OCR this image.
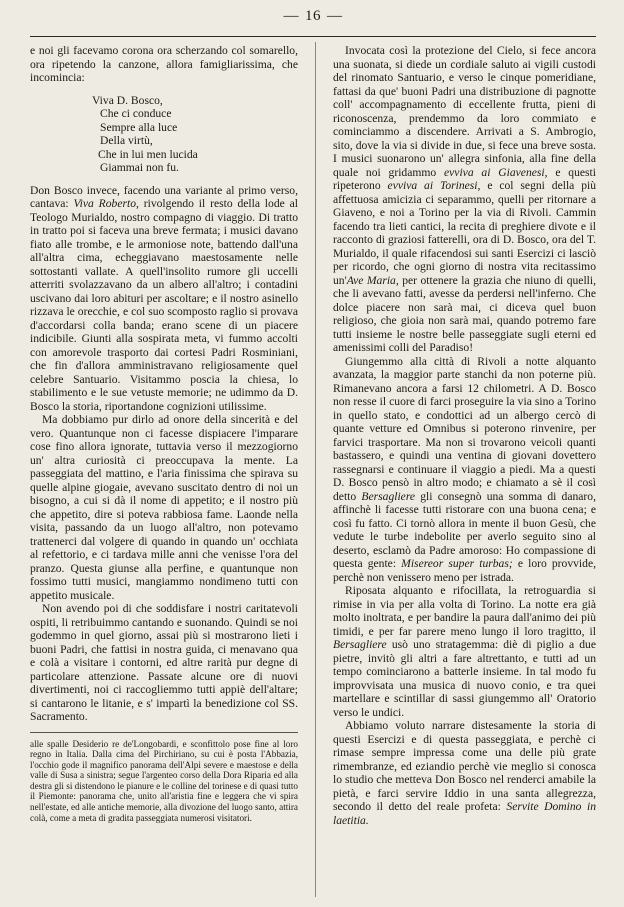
— 16 —

e noi gli facevamo corona ora scherzando col somarello, ora ripetendo la canzone, allora famigliarissima, che incomincia:

Viva D. Bosco,
Che ci conduce
Sempre alla luce
Della virtù,
Che in lui men lucida
Giammai non fu.

Don Bosco invece, facendo una variante al primo verso, cantava: Viva Roberto, rivolgendo il resto della lode al Teologo Murialdo, nostro compagno di viaggio. Di tratto in tratto poi si faceva una breve fermata; i musici davano fiato alle trombe, e le armoniose note, battendo dall'una all'altra cima, echeggiavano maestosamente nelle sottostanti vallate. A quell'insolito rumore gli uccelli atterriti svolazzavano da un albero all'altro; i contadini uscivano dai loro abituri per ascoltare; e il nostro asinello rizzava le orecchie, e col suo scomposto raglio si provava d'accordarsi colla banda; erano scene di un piacere indicibile. Giunti alla sospirata meta, vi fummo accolti con amorevole trasporto dai cortesi Padri Rosminiani, che fin d'allora amministravano religiosamente quel celebre Santuario. Visitammo poscia la chiesa, lo stabilimento e le sue vetuste memorie; ne udimmo da D. Bosco la storia, riportandone cognizioni utilissime.

Ma dobbiamo pur dirlo ad onore della sincerità e del vero. Quantunque non ci facesse dispiacere l'imparare cose fino allora ignorate, tuttavia verso il mezzogiorno un' altra curiosità ci preoccupava la mente. La passeggiata del mattino, e l'aria finissima che spirava su quelle alpine giogaie, avevano suscitato dentro di noi un bisogno, a cui si dà il nome di appetito; e il nostro più che appetito, dire si poteva rabbiosa fame. Laonde nella visita, passando da un luogo all'altro, non potevamo trattenerci dal volgere di quando in quando un' occhiata al refettorio, e ci tardava mille anni che venisse l'ora del pranzo. Questa giunse alla perfine, e quantunque non fossimo tutti musici, mangiammo nondimeno tutti con appetito musicale.

Non avendo poi di che soddisfare i nostri caritatevoli ospiti, li retribuimmo cantando e suonando. Quindi se noi godemmo in quel giorno, assai più si mostrarono lieti i buoni Padri, che fattisi in nostra guida, ci menavano qua e colà a visitare i contorni, ed altre rarità pur degne di particolare attenzione. Passate alcune ore di nuovi divertimenti, noi ci raccogliemmo tutti appiè dell'altare; si cantarono le litanie, e s' impartì la benedizione col SS. Sacramento.

alle spalle Desiderio re de'Longobardi, e sconfittolo pose fine al loro regno in Italia. Dalla cima del Pirchiriano, su cui è posta l'Abbazia, l'occhio gode il magnifico panorama dell'Alpi severe e maestose e della valle di Susa a sinistra; segue l'argenteo corso della Dora Riparia ed alla destra gli si distendono le pianure e le colline del torinese e di quasi tutto il Piemonte: panorama che, unito all'aristia fine e leggera che vi spira nell'estate, ed alle antiche memorie, alla divozione del luogo santo, attira colà, come a meta di gradita passeggiata numerosi visitatori.

Invocata così la protezione del Cielo, si fece ancora una suonata, si diede un cordiale saluto ai vigili custodi del rinomato Santuario, e verso le cinque pomeridiane, fattasi da que' buoni Padri una distribuzione di pagnotte coll' accompagnamento di eccellente frutta, pieni di riconoscenza, prendemmo da loro commiato e cominciammo a discendere. Arrivati a S. Ambrogio, sito, dove la via si divide in due, si fece una breve sosta. I musici suonarono un' allegra sinfonia, alla fine della quale noi gridammo evviva ai Giavenesi, e questi ripeterono evviva ai Torinesi, e col segni della più affettuosa amicizia ci separammo, quelli per ritornare a Giaveno, e noi a Torino per la via di Rivoli. Cammin facendo tra lieti cantici, la recita di preghiere divote e il racconto di graziosi fatterelli, ora di D. Bosco, ora del T. Murialdo, il quale rifacendosi sui santi Esercizi ci lasciò per ricordo, che ogni giorno di nostra vita recitassimo un'Ave Maria, per ottenere la grazia che niuno di quelli, che li avevano fatti, avesse da perdersi nell'inferno. Che dolce piacere non sarà mai, ci diceva quel buon religioso, che gioia non sarà mai, quando potremo fare tutti insieme le nostre belle passeggiate sugli eterni ed amenissimi colli del Paradiso!

Giungemmo alla città di Rivoli a notte alquanto avanzata, la maggior parte stanchi da non poterne più. Rimanevano ancora a farsi 12 chilometri. A D. Bosco non resse il cuore di farci proseguire la via sino a Torino in quello stato, e condottici ad un albergo cercò di quante vetture ed Omnibus si poterono rinvenire, per farvici trasportare. Ma non si trovarono veicoli quanti bastassero, e quindi una ventina di giovani dovettero rassegnarsi e continuare il viaggio a piedi. Ma a questi D. Bosco pensò in altro modo; e chiamato a sè il così detto Bersagliere gli consegnò una somma di danaro, affinchè li facesse tutti ristorare con una buona cena; e così fu fatto. Ci tornò allora in mente il buon Gesù, che vedute le turbe indebolite per averlo seguito sino al deserto, esclamò da Padre amoroso: Ho compassione di questa gente: Misereor super turbas; e loro provvide, perchè non venissero meno per istrada.

Riposata alquanto e rifocillata, la retroguardia si rimise in via per alla volta di Torino. La notte era già molto inoltrata, e per bandire la paura dall'animo dei più timidi, e per far parere meno lungo il loro tragitto, il Bersagliere usò uno stratagemma: diè di piglio a due pietre, invitò gli altri a fare altrettanto, e tutti ad un tempo cominciarono a batterle insieme. In tal modo fu improvvisata una musica di nuovo conio, e tra quei martellare e scintillar di sassi giungemmo all' Oratorio verso le undici.

Abbiamo voluto narrare distesamente la storia di questi Esercizi e di questa passeggiata, e perchè ci rimase sempre impressa come una delle più grate rimembranze, ed eziandio perchè vie meglio si conosca lo studio che metteva Don Bosco nel renderci amabile la pietà, e farci servire Iddio in una santa allegrezza, secondo il detto del reale profeta: Servite Domino in laetitia.
